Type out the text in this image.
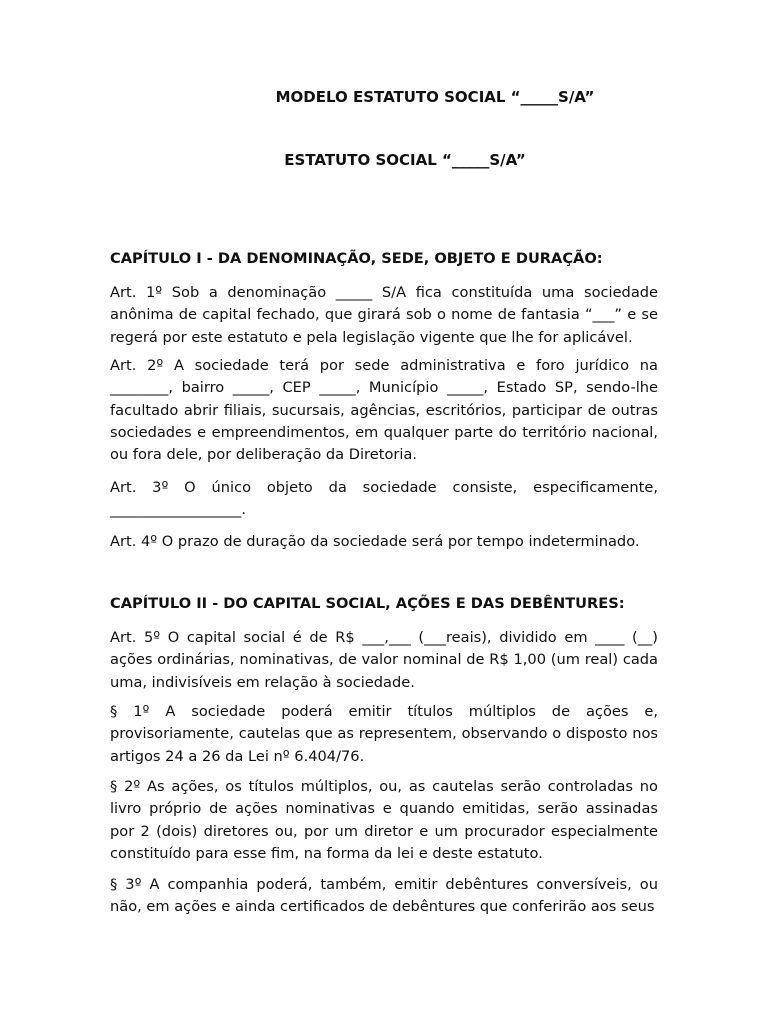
MODELO ESTATUTO SOCIAL “_____S/A”
ESTATUTO SOCIAL “_____S/A”
CAPÍTULO I - DA DENOMINAÇÃO, SEDE, OBJETO E DURAÇÃO:

Art. 1º Sob a denominação _____ S/A fica constituída uma sociedade anônima de capital fechado, que girará sob o nome de fantasia “___” e se regerá por este estatuto e pela legislação vigente que lhe for aplicável.

Art. 2º A sociedade terá por sede administrativa e foro jurídico na ________, bairro _____, CEP _____, Município _____, Estado SP, sendo-lhe facultado abrir filiais, sucursais, agências, escritórios, participar de outras sociedades e empreendimentos, em qualquer parte do território nacional, ou fora dele, por deliberação da Diretoria.

Art. 3º O único objeto da sociedade consiste, especificamente, __________________.

Art. 4º O prazo de duração da sociedade será por tempo indeterminado.

CAPÍTULO II - DO CAPITAL SOCIAL, AÇÕES E DAS DEBÊNTURES:

Art. 5º O capital social é de R$ ___,___ (___reais), dividido em ____ (__) ações ordinárias, nominativas, de valor nominal de R$ 1,00 (um real) cada uma, indivisíveis em relação à sociedade.

§ 1º A sociedade poderá emitir títulos múltiplos de ações e, provisoriamente, cautelas que as representem, observando o disposto nos artigos 24 a 26 da Lei nº 6.404/76.

§ 2º As ações, os títulos múltiplos, ou, as cautelas serão controladas no livro próprio de ações nominativas e quando emitidas, serão assinadas por 2 (dois) diretores ou, por um diretor e um procurador especialmente constituído para esse fim, na forma da lei e deste estatuto.

§ 3º A companhia poderá, também, emitir debêntures conversíveis, ou não, em ações e ainda certificados de debêntures que conferirão aos seus
